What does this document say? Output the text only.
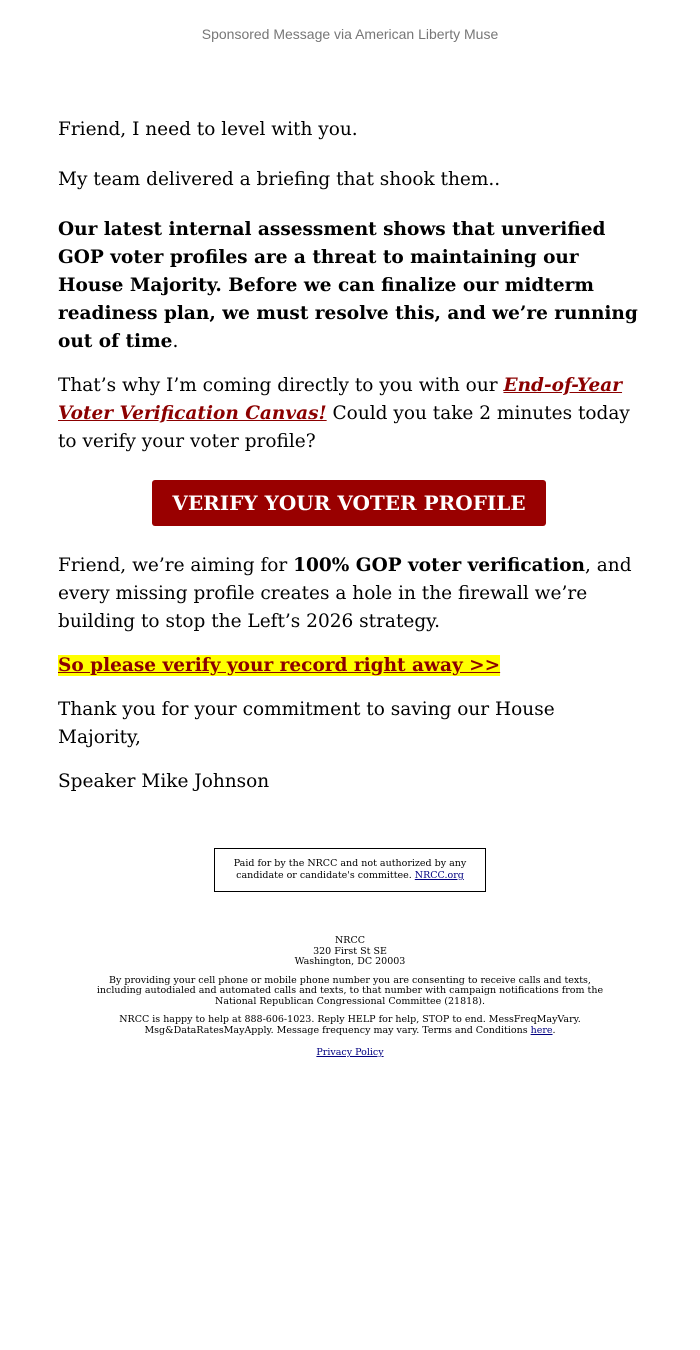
Sponsored Message via American Liberty Muse

Friend, I need to level with you.

My team delivered a briefing that shook them..

Our latest internal assessment shows that unverified GOP voter profiles are a threat to maintaining our House Majority. Before we can finalize our midterm readiness plan, we must resolve this, and we’re running out of time.

That’s why I’m coming directly to you with our End-of-Year Voter Verification Canvas! Could you take 2 minutes today to verify your voter profile?

VERIFY YOUR VOTER PROFILE

Friend, we’re aiming for 100% GOP voter verification, and every missing profile creates a hole in the firewall we’re building to stop the Left’s 2026 strategy.

So please verify your record right away >>

Thank you for your commitment to saving our House Majority,

Speaker Mike Johnson

Paid for by the NRCC and not authorized by any candidate or candidate's committee. NRCC.org

NRCC
320 First St SE
Washington, DC 20003

By providing your cell phone or mobile phone number you are consenting to receive calls and texts, including autodialed and automated calls and texts, to that number with campaign notifications from the National Republican Congressional Committee (21818).

NRCC is happy to help at 888-606-1023. Reply HELP for help, STOP to end. MessFreqMayVary. Msg&DataRatesMayApply. Message frequency may vary. Terms and Conditions here.

Privacy Policy
